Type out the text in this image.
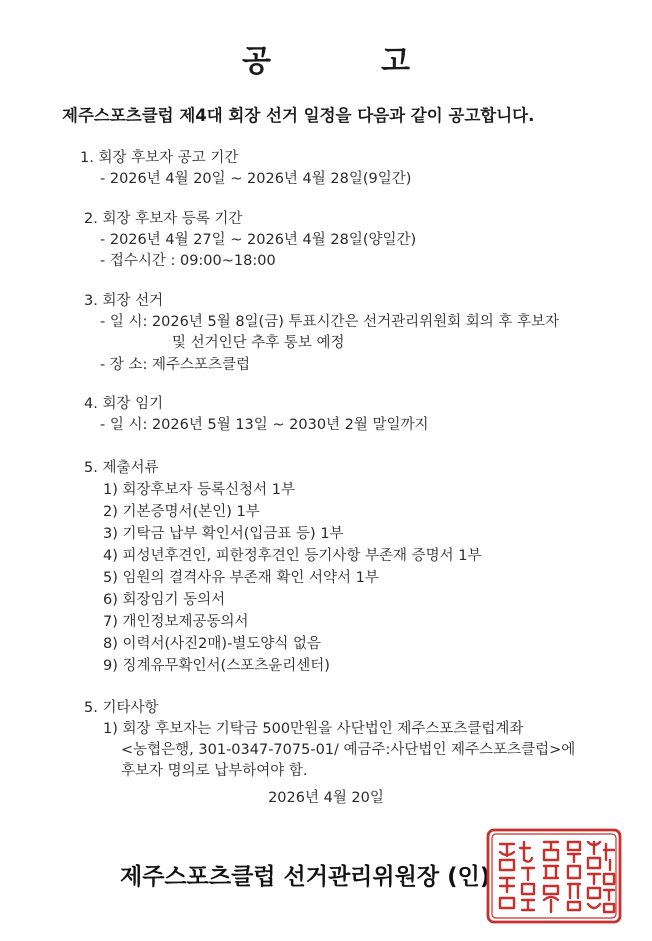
공　고
제주스포츠클럽 제4대 회장 선거 일정을 다음과 같이 공고합니다.
1. 회장 후보자 공고 기간
- 2026년 4월 20일 ~ 2026년 4월 28일(9일간)
2. 회장 후보자 등록 기간
- 2026년 4월 27일 ~ 2026년 4월 28일(양일간)
- 접수시간 : 09:00~18:00
3. 회장 선거
- 일 시: 2026년 5월 8일(금) 투표시간은 선거관리위원회 회의 후 후보자
및 선거인단 추후 통보 예정
- 장 소: 제주스포츠클럽
4. 회장 임기
- 일 시: 2026년 5월 13일 ~ 2030년 2월 말일까지
5. 제출서류
1) 회장후보자 등록신청서 1부
2) 기본증명서(본인) 1부
3) 기탁금 납부 확인서(입금표 등) 1부
4) 피성년후견인, 피한정후견인 등기사항 부존재 증명서 1부
5) 임원의 결격사유 부존재 확인 서약서 1부
6) 회장임기 동의서
7) 개인정보제공동의서
8) 이력서(사진2매)-별도양식 없음
9) 징계유무확인서(스포츠윤리센터)
5. 기타사항
1) 회장 후보자는 기탁금 500만원을 사단법인 제주스포츠클럽계좌
<농협은행, 301-0347-7075-01/ 예금주:사단법인 제주스포츠클럽>에
후보자 명의로 납부하여야 함.
2026년 4월 20일
제주스포츠클럽 선거관리위원장 (인)
